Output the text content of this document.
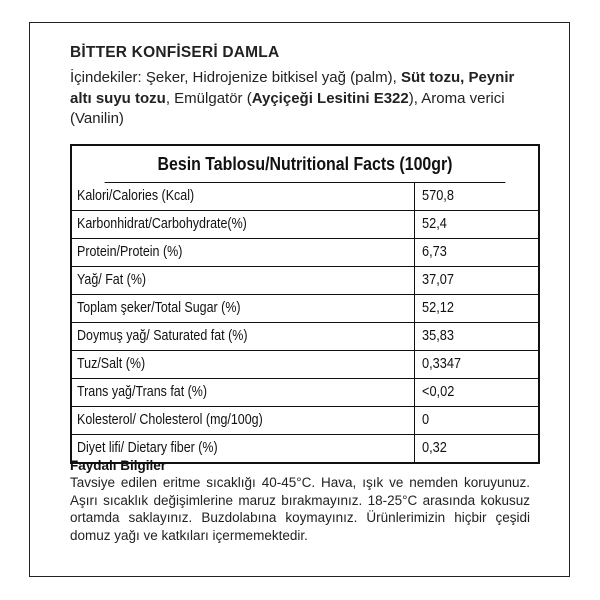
BİTTER KONFİSERİ DAMLA
İçindekiler: Şeker, Hidrojenize bitkisel yağ (palm), Süt tozu, Peynir altı suyu tozu, Emülgatör (Ayçiçeği Lesitini E322), Aroma verici (Vanilin)
Besin Tablosu/Nutritional Facts (100gr)
Kalori/Calories (Kcal)	570,8
Karbonhidrat/Carbohydrate(%)	52,4
Protein/Protein (%)	6,73
Yağ/ Fat (%)	37,07
Toplam şeker/Total Sugar (%)	52,12
Doymuş yağ/ Saturated fat (%)	35,83
Tuz/Salt (%)	0,3347
Trans yağ/Trans fat (%)	<0,02
Kolesterol/ Cholesterol (mg/100g)	0
Diyet lifi/ Dietary fiber (%)	0,32
Faydalı Bilgiler
Tavsiye edilen eritme sıcaklığı 40-45°C. Hava, ışık ve nemden koruyunuz. Aşırı sıcaklık değişimlerine maruz bırakmayınız. 18-25°C arasında kokusuz ortamda saklayınız. Buzdolabına koymayınız. Ürünlerimizin hiçbir çeşidi domuz yağı ve katkıları içermemektedir.
